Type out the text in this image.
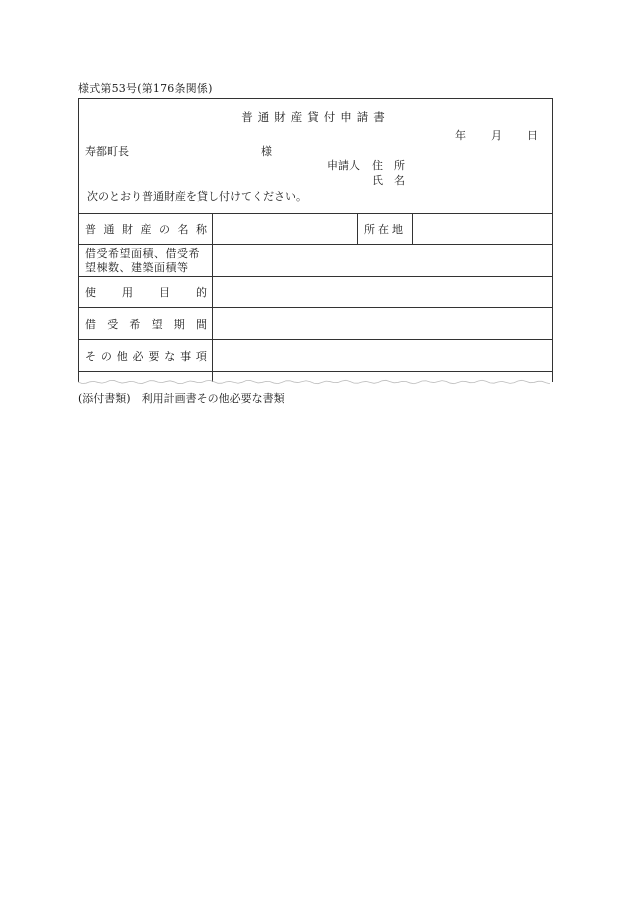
様式第53号(第176条関係)
普通財産貸付申請書
年 月 日
寿都町長	様
申請人 住　所
氏　名
次のとおり普通財産を貸し付けてください。
普 通 財 産 の 名 称	所在地
借受希望面積、借受希
望棟数、建築面積等
使 用 目 的
借 受 希 望 期 間
そ の 他 必 要 な 事 項
(添付書類)　利用計画書その他必要な書類
